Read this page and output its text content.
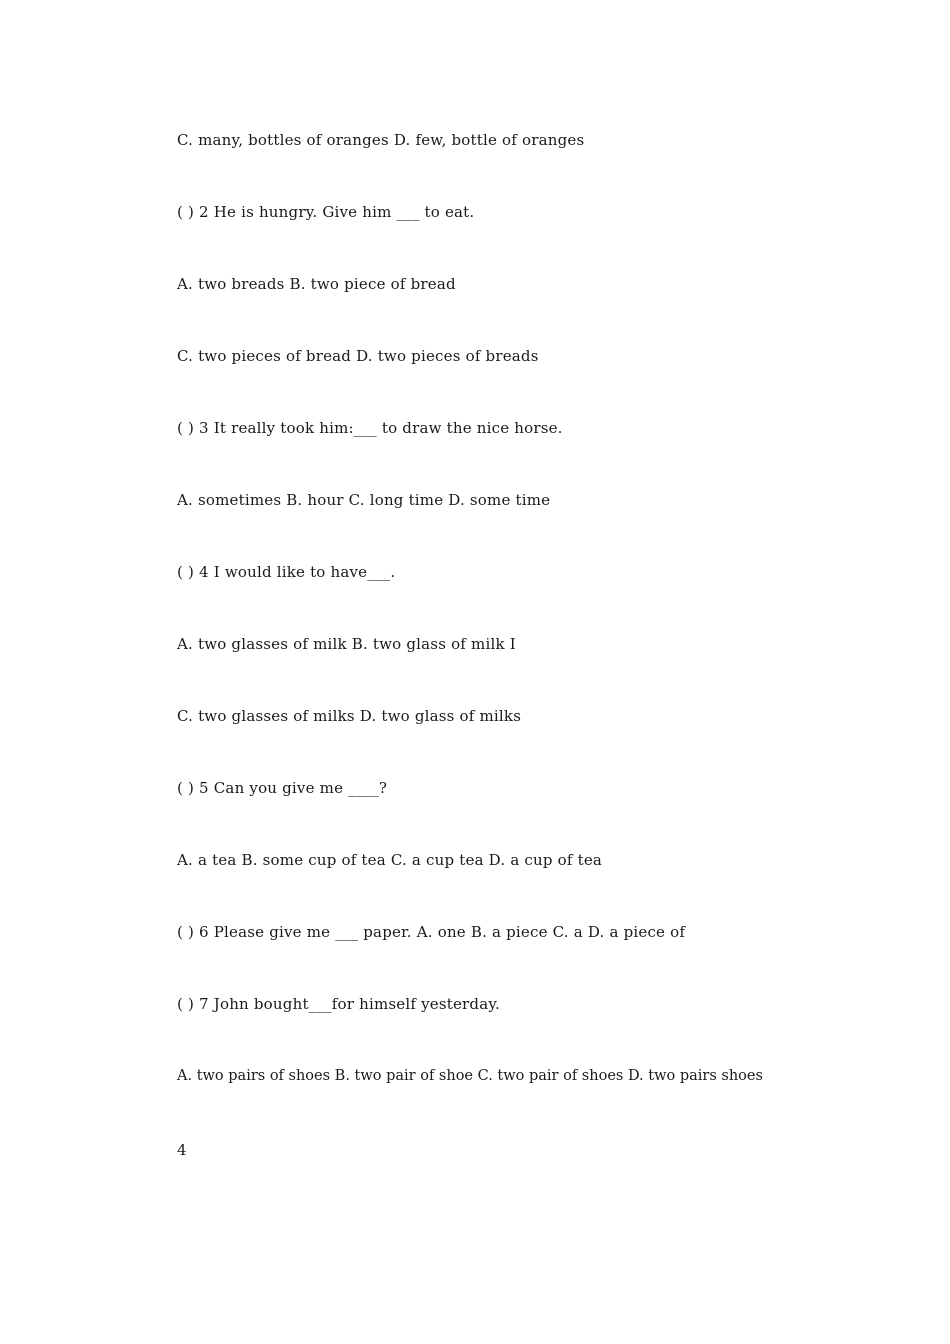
C. many, bottles of oranges D. few, bottle of oranges
( ) 2 He is hungry. Give him ___ to eat.
A. two breads B. two piece of bread
C. two pieces of bread D. two pieces of breads
( ) 3 It really took him:___ to draw the nice horse.
A. sometimes B. hour C. long time D. some time
( ) 4 I would like to have___.
A. two glasses of milk B. two glass of milk I
C. two glasses of milks D. two glass of milks
( ) 5 Can you give me ____?
A. a tea B. some cup of tea C. a cup tea D. a cup of tea
( ) 6 Please give me ___ paper. A. one B. a piece C. a D. a piece of
( ) 7 John bought___for himself yesterday.
A. two pairs of shoes B. two pair of shoe C. two pair of shoes D. two pairs shoes
4
